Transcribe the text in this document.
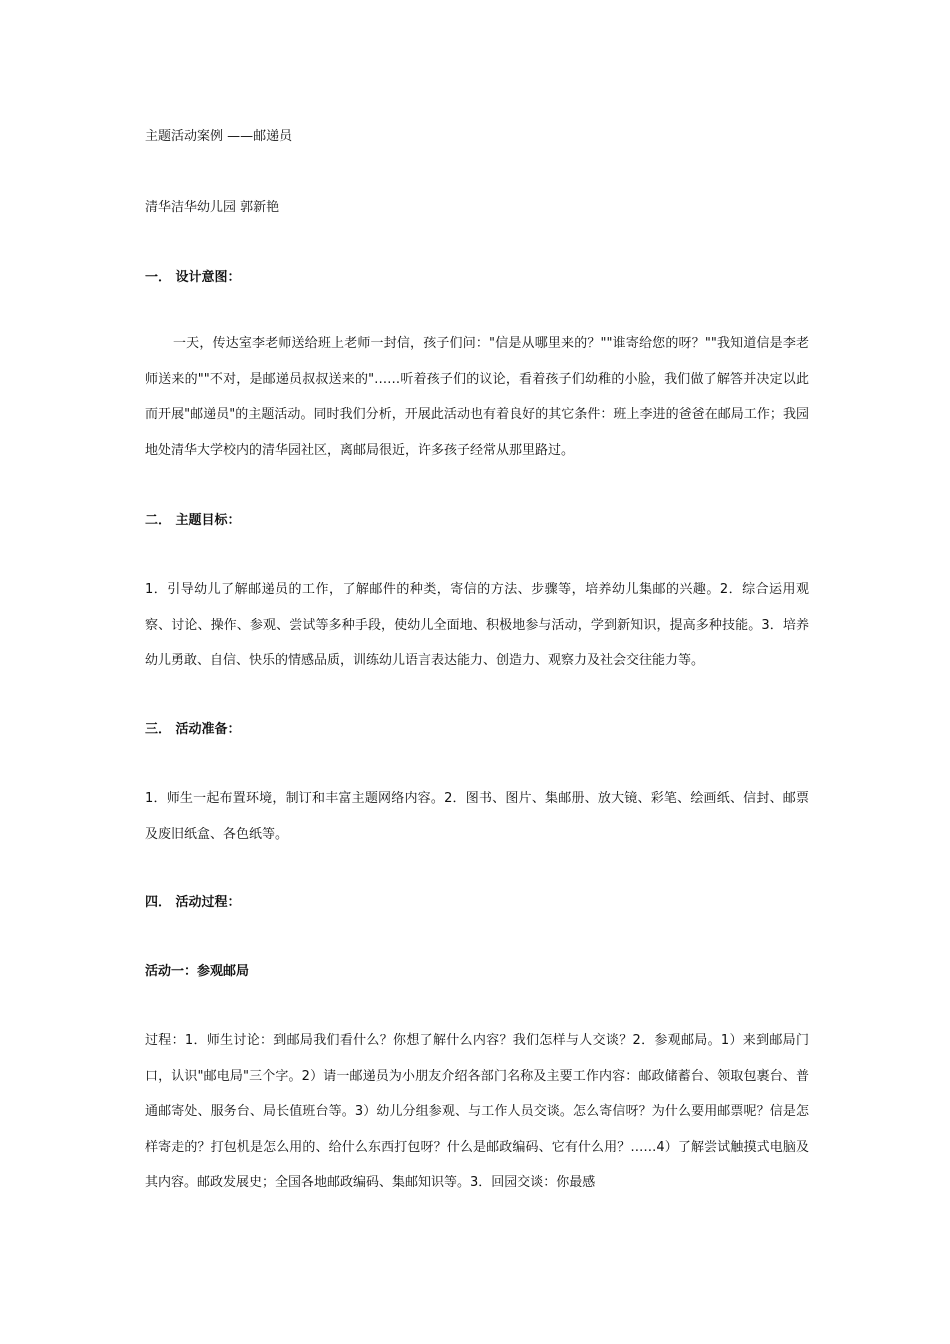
主题活动案例 ——邮递员
清华洁华幼儿园 郭新艳
一． 设计意图：
一天，传达室李老师送给班上老师一封信，孩子们问："信是从哪里来的？""谁寄给您的呀？""我知道信是李老师送来的""不对，是邮递员叔叔送来的"……听着孩子们的议论，看着孩子们幼稚的小脸，我们做了解答并决定以此而开展"邮递员"的主题活动。同时我们分析，开展此活动也有着良好的其它条件：班上李进的爸爸在邮局工作；我园地处清华大学校内的清华园社区，离邮局很近，许多孩子经常从那里路过。
二． 主题目标：
1．引导幼儿了解邮递员的工作，了解邮件的种类，寄信的方法、步骤等，培养幼儿集邮的兴趣。2．综合运用观察、讨论、操作、参观、尝试等多种手段，使幼儿全面地、积极地参与活动，学到新知识，提高多种技能。3．培养幼儿勇敢、自信、快乐的情感品质，训练幼儿语言表达能力、创造力、观察力及社会交往能力等。
三． 活动准备：
1．师生一起布置环境，制订和丰富主题网络内容。2．图书、图片、集邮册、放大镜、彩笔、绘画纸、信封、邮票及废旧纸盒、各色纸等。
四． 活动过程：
活动一：参观邮局
过程：1．师生讨论：到邮局我们看什么？你想了解什么内容？我们怎样与人交谈？2．参观邮局。1）来到邮局门口，认识"邮电局"三个字。2）请一邮递员为小朋友介绍各部门名称及主要工作内容：邮政储蓄台、领取包裹台、普通邮寄处、服务台、局长值班台等。3）幼儿分组参观、与工作人员交谈。怎么寄信呀？为什么要用邮票呢？信是怎样寄走的？打包机是怎么用的、给什么东西打包呀？什么是邮政编码、它有什么用？……4）了解尝试触摸式电脑及其内容。邮政发展史；全国各地邮政编码、集邮知识等。3．回园交谈：你最感
